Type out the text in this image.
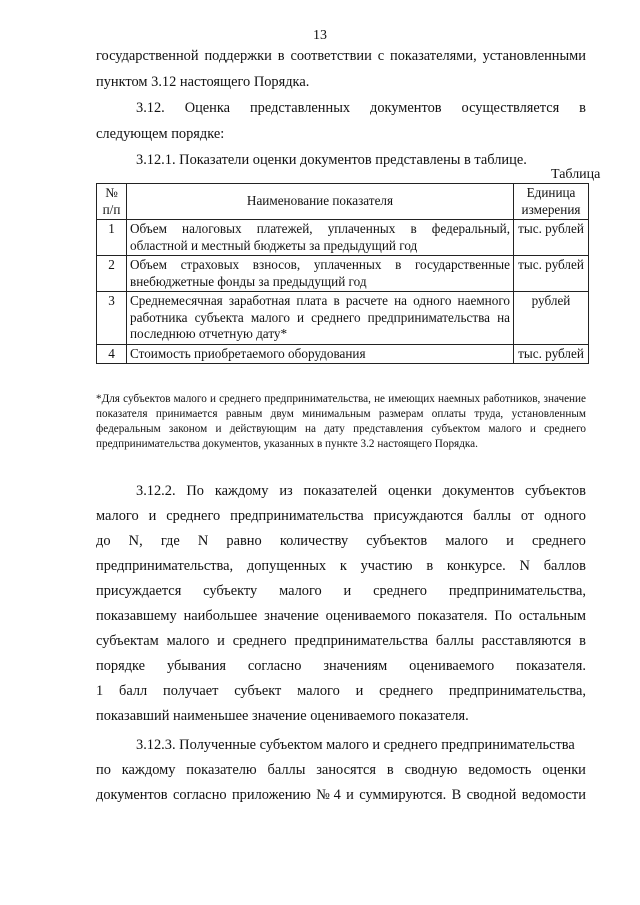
13
государственной поддержки в соответствии с показателями, установленными
пунктом 3.12 настоящего Порядка.
3.12. Оценка представленных документов осуществляется в
следующем порядке:
3.12.1. Показатели оценки документов представлены в таблице.
Таблица
№ п/п	Наименование показателя	Единица измерения
1	Объем налоговых платежей, уплаченных в федеральный, областной и местный бюджеты за предыдущий год	тыс. рублей
2	Объем страховых взносов, уплаченных в государственные внебюджетные фонды за предыдущий год	тыс. рублей
3	Среднемесячная заработная плата в расчете на одного наемного работника субъекта малого и среднего предпринимательства на последнюю отчетную дату*	рублей
4	Стоимость приобретаемого оборудования	тыс. рублей
*Для субъектов малого и среднего предпринимательства, не имеющих наемных работников, значение показателя принимается равным двум минимальным размерам оплаты труда, установленным федеральным законом и действующим на дату представления субъектом малого и среднего предпринимательства документов, указанных в пункте 3.2 настоящего Порядка.
3.12.2. По каждому из показателей оценки документов субъектов
малого и среднего предпринимательства присуждаются баллы от одного
до N, где N равно количеству субъектов малого и среднего
предпринимательства, допущенных к участию в конкурсе. N баллов
присуждается субъекту малого и среднего предпринимательства,
показавшему наибольшее значение оцениваемого показателя. По остальным
субъектам малого и среднего предпринимательства баллы расставляются в
порядке убывания согласно значениям оцениваемого показателя.
1 балл получает субъект малого и среднего предпринимательства,
показавший наименьшее значение оцениваемого показателя.
3.12.3. Полученные субъектом малого и среднего предпринимательства
по каждому показателю баллы заносятся в сводную ведомость оценки
документов согласно приложению № 4 и суммируются. В сводной ведомости
